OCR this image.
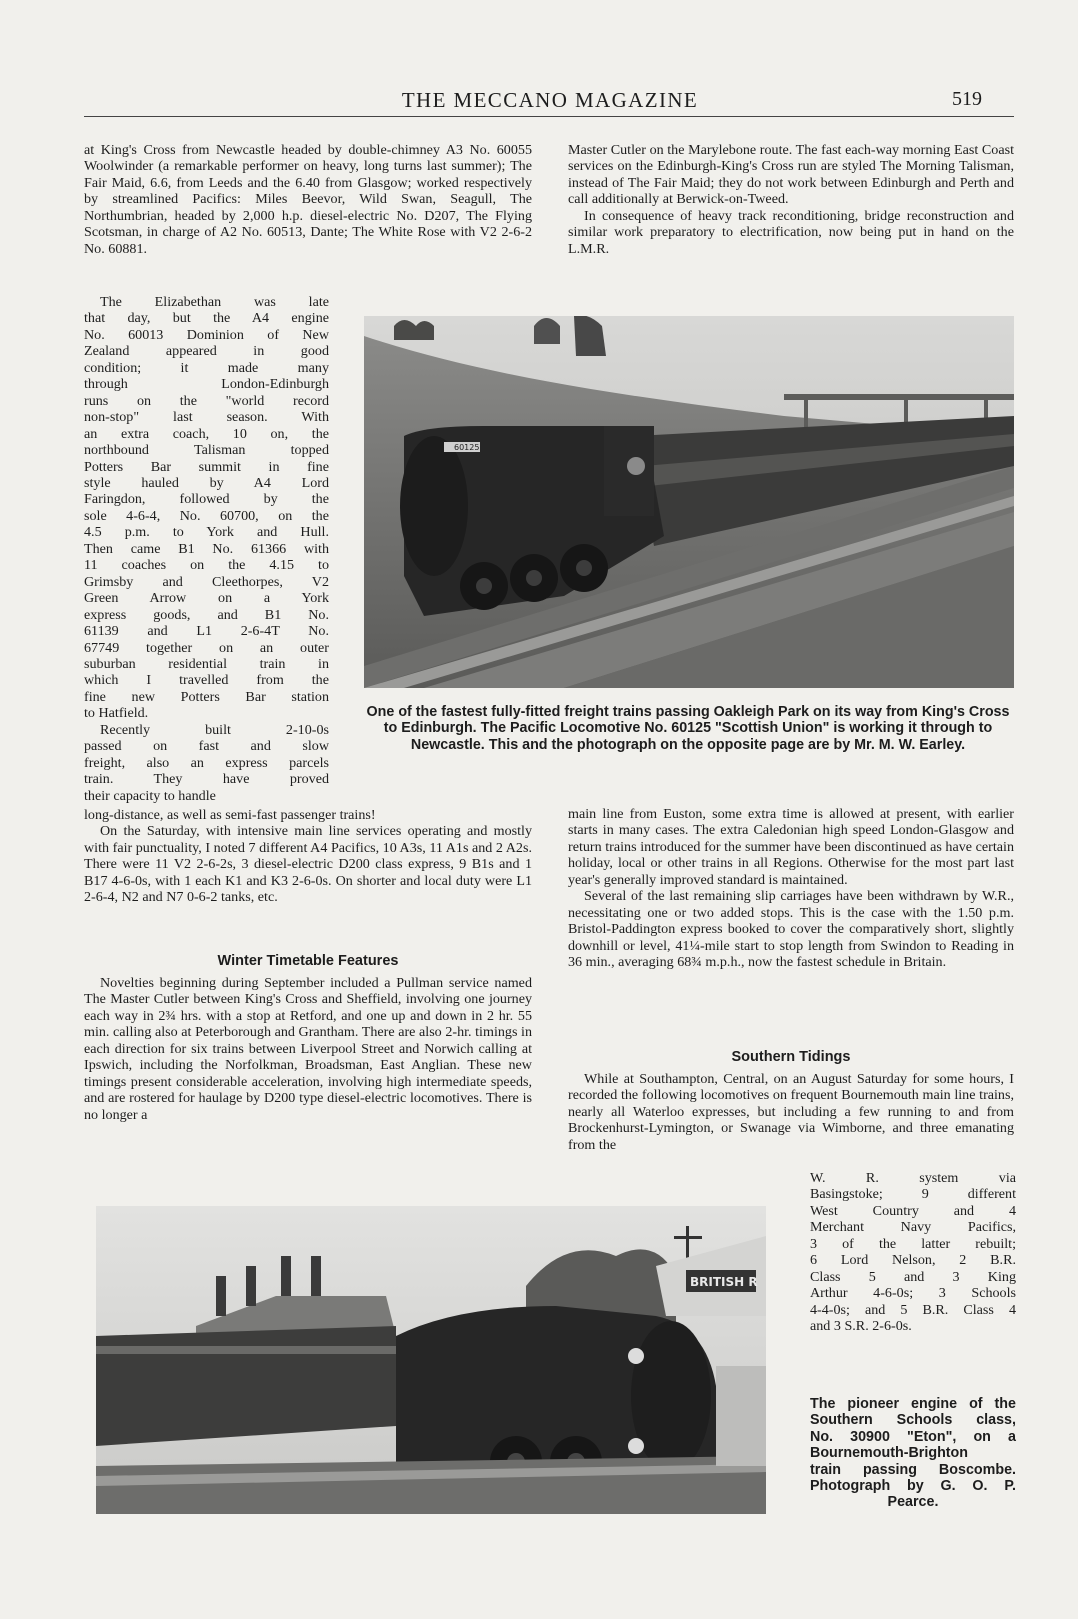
THE MECCANO MAGAZINE	519

at King's Cross from Newcastle headed by double-chimney A3 No. 60055 Woolwinder (a remarkable performer on heavy, long turns last summer); The Fair Maid, 6.6, from Leeds and the 6.40 from Glasgow; worked respectively by streamlined Pacifics: Miles Beevor, Wild Swan, Seagull, The Northumbrian, headed by 2,000 h.p. diesel-electric No. D207, The Flying Scotsman, in charge of A2 No. 60513, Dante; The White Rose with V2 2-6-2 No. 60881.

The Elizabethan was late
that day, but the A4 engine
No. 60013 Dominion of New
Zealand appeared in good
condition; it made many
through London-Edinburgh
runs on the "world record
non-stop" last season. With
an extra coach, 10 on, the
northbound Talisman topped
Potters Bar summit in fine
style hauled by A4 Lord
Faringdon, followed by the
sole 4-6-4, No. 60700, on the
4.5 p.m. to York and Hull.
Then came B1 No. 61366 with
11 coaches on the 4.15 to
Grimsby and Cleethorpes, V2
Green Arrow on a York
express goods, and B1 No.
61139 and L1 2-6-4T No.
67749 together on an outer
suburban residential train in
which I travelled from the
fine new Potters Bar station
to Hatfield.
Recently built 2-10-0s
passed on fast and slow
freight, also an express parcels
train. They have proved
their capacity to handle

long-distance, as well as semi-fast passenger trains!

On the Saturday, with intensive main line services operating and mostly with fair punctuality, I noted 7 different A4 Pacifics, 10 A3s, 11 A1s and 2 A2s. There were 11 V2 2-6-2s, 3 diesel-electric D200 class express, 9 B1s and 1 B17 4-6-0s, with 1 each K1 and K3 2-6-0s. On shorter and local duty were L1 2-6-4, N2 and N7 0-6-2 tanks, etc.

Winter Timetable Features

Novelties beginning during September included a Pullman service named The Master Cutler between King's Cross and Sheffield, involving one journey each way in 2¾ hrs. with a stop at Retford, and one up and down in 2 hr. 55 min. calling also at Peterborough and Grantham. There are also 2-hr. timings in each direction for six trains between Liverpool Street and Norwich calling at Ipswich, including the Norfolkman, Broadsman, East Anglian. These new timings present considerable acceleration, involving high intermediate speeds, and are rostered for haulage by D200 type diesel-electric locomotives. There is no longer a

Master Cutler on the Marylebone route. The fast each-way morning East Coast services on the Edinburgh-King's Cross run are styled The Morning Talisman, instead of The Fair Maid; they do not work between Edinburgh and Perth and call additionally at Berwick-on-Tweed.

In consequence of heavy track reconditioning, bridge reconstruction and similar work preparatory to electrification, now being put in hand on the L.M.R.

60125
One of the fastest fully-fitted freight trains passing Oakleigh Park on its way from King's Cross to Edinburgh. The Pacific Locomotive No. 60125 "Scottish Union" is working it through to Newcastle. This and the photograph on the opposite page are by Mr. M. W. Earley.

main line from Euston, some extra time is allowed at present, with earlier starts in many cases. The extra Caledonian high speed London-Glasgow and return trains introduced for the summer have been discontinued as have certain holiday, local or other trains in all Regions. Otherwise for the most part last year's generally improved standard is maintained.

Several of the last remaining slip carriages have been withdrawn by W.R., necessitating one or two added stops. This is the case with the 1.50 p.m. Bristol-Paddington express booked to cover the comparatively short, slightly downhill or level, 41¼-mile start to stop length from Swindon to Reading in 36 min., averaging 68¾ m.p.h., now the fastest schedule in Britain.

Southern Tidings

While at Southampton, Central, on an August Saturday for some hours, I recorded the following locomotives on frequent Bournemouth main line trains, nearly all Waterloo expresses, but including a few running to and from Brockenhurst-Lymington, or Swanage via Wimborne, and three emanating from the

W. R. system via
Basingstoke; 9 different
West Country and 4
Merchant Navy Pacifics,
3 of the latter rebuilt;
6 Lord Nelson, 2 B.R.
Class 5 and 3 King
Arthur 4-6-0s; 3 Schools
4-4-0s; and 5 B.R. Class 4
and 3 S.R. 2-6-0s.
BRITISH R
The pioneer engine of the
Southern Schools class,
No. 30900 "Eton", on a
Bournemouth-Brighton
train passing Boscombe.
Photograph by G. O. P.
Pearce.
